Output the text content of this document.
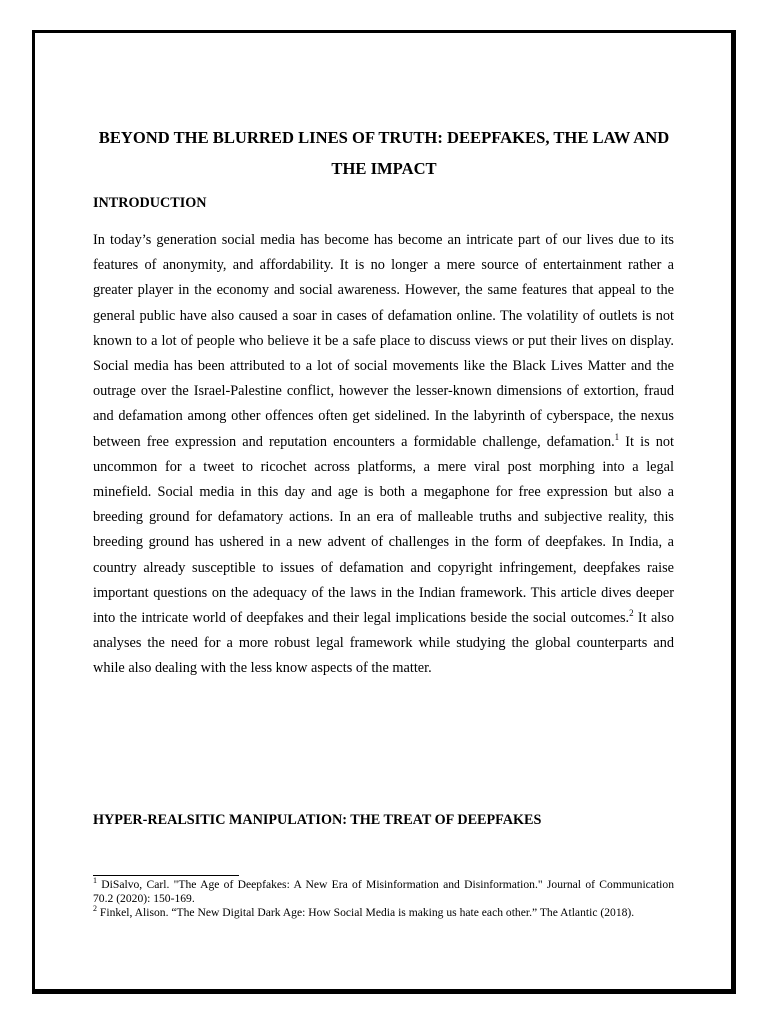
BEYOND THE BLURRED LINES OF TRUTH: DEEPFAKES, THE LAW AND THE IMPACT
INTRODUCTION

In today’s generation social media has become has become an intricate part of our lives due to its features of anonymity, and affordability. It is no longer a mere source of entertainment rather a greater player in the economy and social awareness. However, the same features that appeal to the general public have also caused a soar in cases of defamation online. The volatility of outlets is not known to a lot of people who believe it be a safe place to discuss views or put their lives on display. Social media has been attributed to a lot of social movements like the Black Lives Matter and the outrage over the Israel-Palestine conflict, however the lesser-known dimensions of extortion, fraud and defamation among other offences often get sidelined. In the labyrinth of cyberspace, the nexus between free expression and reputation encounters a formidable challenge, defamation.$^1$ It is not uncommon for a tweet to ricochet across platforms, a mere viral post morphing into a legal minefield. Social media in this day and age is both a megaphone for free expression but also a breeding ground for defamatory actions. In an era of malleable truths and subjective reality, this breeding ground has ushered in a new advent of challenges in the form of deepfakes. In India, a country already susceptible to issues of defamation and copyright infringement, deepfakes raise important questions on the adequacy of the laws in the Indian framework. This article dives deeper into the intricate world of deepfakes and their legal implications beside the social outcomes.$^2$ It also analyses the need for a more robust legal framework while studying the global counterparts and while also dealing with the less know aspects of the matter.

HYPER-REALSITIC MANIPULATION: THE TREAT OF DEEPFAKES

$^1$ DiSalvo, Carl. "The Age of Deepfakes: A New Era of Misinformation and Disinformation." Journal of Communication 70.2 (2020): 150-169.

$^2$ Finkel, Alison. “The New Digital Dark Age: How Social Media is making us hate each other.” The Atlantic (2018).
